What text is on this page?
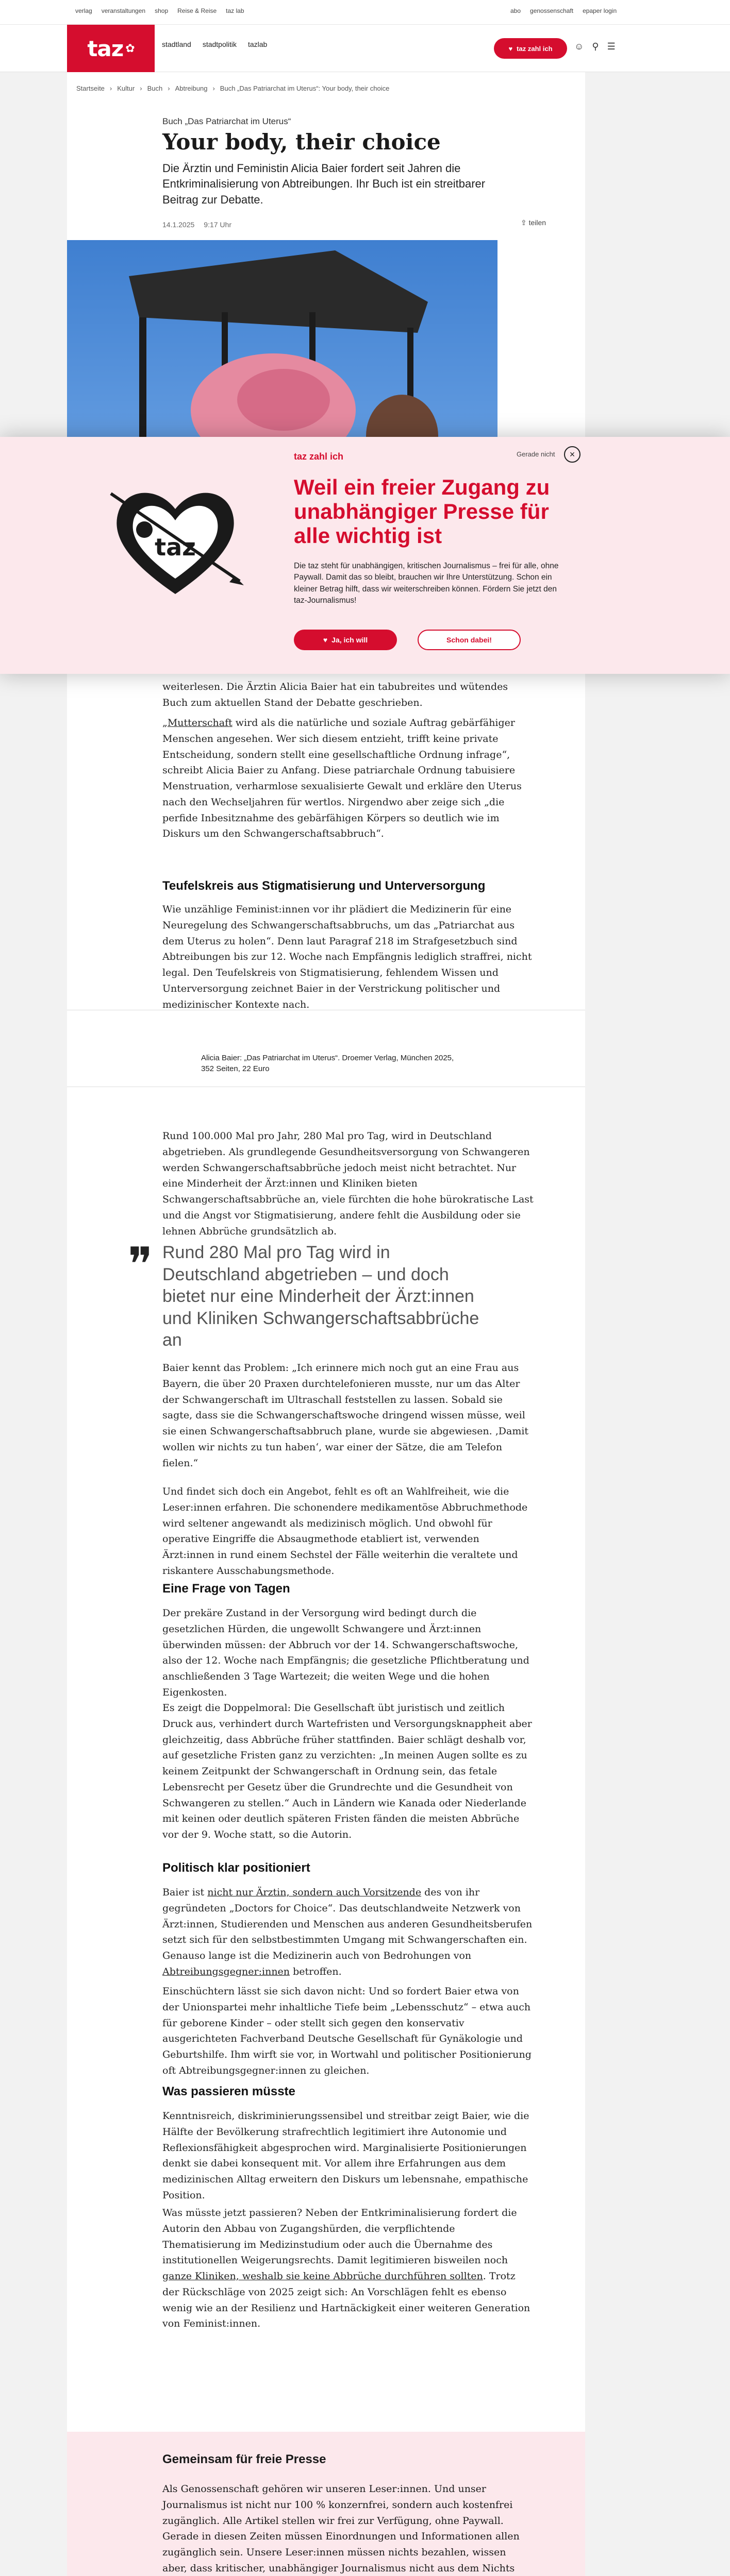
verlag veranstaltungen shop Reise & Reise taz lab	abo genossenschaft epaper login
taz ✿	stadtland stadtpolitik tazlab	♥ taz zahl ich ☺ ⚲ ☰
Startseite › Kultur › Buch › Abtreibung › Buch „Das Patriarchat im Uterus“: Your body, their choice
Buch „Das Patriarchat im Uterus“
Your body, their choice

Die Ärztin und Feministin Alicia Baier fordert seit Jahren die Entkriminalisierung von Abtreibungen. Ihr Buch ist ein streitbarer Beitrag zur Debatte.

14.1.2025 9:17 Uhr	⇪ teilen

weiterlesen. Die Ärztin Alicia Baier hat ein tabubreites und wütendes Buch zum aktuellen Stand der Debatte geschrieben.

„Mutterschaft wird als die natürliche und soziale Auftrag gebärfähiger Menschen angesehen. Wer sich diesem entzieht, trifft keine private Entscheidung, sondern stellt eine gesellschaftliche Ordnung infrage“, schreibt Alicia Baier zu Anfang. Diese patriarchale Ordnung tabuisiere Menstruation, verharmlose sexualisierte Gewalt und erkläre den Uterus nach den Wechseljahren für wertlos. Nirgendwo aber zeige sich „die perfide Inbesitznahme des gebärfähigen Körpers so deutlich wie im Diskurs um den Schwangerschaftsabbruch“.

Teufelskreis aus Stigmatisierung und Unterversorgung

Wie unzählige Feminist:innen vor ihr plädiert die Medizinerin für eine Neuregelung des Schwangerschaftsabbruchs, um das „Patriarchat aus dem Uterus zu holen“. Denn laut Paragraf 218 im Strafgesetzbuch sind Abtreibungen bis zur 12. Woche nach Empfängnis lediglich straffrei, nicht legal. Den Teufelskreis von Stigmatisierung, fehlendem Wissen und Unterversorgung zeichnet Baier in der Verstrickung politischer und medizinischer Kontexte nach.

Alicia Baier: „Das Patriarchat im Uterus“. Droemer Verlag, München 2025, 352 Seiten, 22 Euro

Rund 100.000 Mal pro Jahr, 280 Mal pro Tag, wird in Deutschland abgetrieben. Als grundlegende Gesundheitsversorgung von Schwangeren werden Schwangerschaftsabbrüche jedoch meist nicht betrachtet. Nur eine Minderheit der Ärzt:innen und Kliniken bieten Schwangerschaftsabbrüche an, viele fürchten die hohe bürokratische Last und die Angst vor Stigmatisierung, andere fehlt die Ausbildung oder sie lehnen Abbrüche grundsätzlich ab.

❞ Rund 280 Mal pro Tag wird in Deutschland abgetrieben – und doch bietet nur eine Minderheit der Ärzt:innen und Kliniken Schwangerschaftsabbrüche an

Baier kennt das Problem: „Ich erinnere mich noch gut an eine Frau aus Bayern, die über 20 Praxen durchtelefonieren musste, nur um das Alter der Schwangerschaft im Ultraschall feststellen zu lassen. Sobald sie sagte, dass sie die Schwangerschaftswoche dringend wissen müsse, weil sie einen Schwangerschaftsabbruch plane, wurde sie abgewiesen. ‚Damit wollen wir nichts zu tun haben‘, war einer der Sätze, die am Telefon fielen.“

Und findet sich doch ein Angebot, fehlt es oft an Wahlfreiheit, wie die Leser:innen erfahren. Die schonendere medikamentöse Abbruchmethode wird seltener angewandt als medizinisch möglich. Und obwohl für operative Eingriffe die Absaugmethode etabliert ist, verwenden Ärzt:innen in rund einem Sechstel der Fälle weiterhin die veraltete und riskantere Ausschabungsmethode.

Eine Frage von Tagen

Der prekäre Zustand in der Versorgung wird bedingt durch die gesetzlichen Hürden, die ungewollt Schwangere und Ärzt:innen überwinden müssen: der Abbruch vor der 14. Schwangerschaftswoche, also der 12. Woche nach Empfängnis; die gesetzliche Pflichtberatung und anschließenden 3 Tage Wartezeit; die weiten Wege und die hohen Eigenkosten.

Es zeigt die Doppelmoral: Die Gesellschaft übt juristisch und zeitlich Druck aus, verhindert durch Wartefristen und Versorgungsknappheit aber gleichzeitig, dass Abbrüche früher stattfinden. Baier schlägt deshalb vor, auf gesetzliche Fristen ganz zu verzichten: „In meinen Augen sollte es zu keinem Zeitpunkt der Schwangerschaft in Ordnung sein, das fetale Lebensrecht per Gesetz über die Grundrechte und die Gesundheit von Schwangeren zu stellen.“ Auch in Ländern wie Kanada oder Niederlande mit keinen oder deutlich späteren Fristen fänden die meisten Abbrüche vor der 9. Woche statt, so die Autorin.

Politisch klar positioniert

Baier ist nicht nur Ärztin, sondern auch Vorsitzende des von ihr gegründeten „Doctors for Choice“. Das deutschlandweite Netzwerk von Ärzt:innen, Studierenden und Menschen aus anderen Gesundheitsberufen setzt sich für den selbstbestimmten Umgang mit Schwangerschaften ein. Genauso lange ist die Medizinerin auch von Bedrohungen von Abtreibungsgegner:innen betroffen.

Einschüchtern lässt sie sich davon nicht: Und so fordert Baier etwa von der Unionspartei mehr inhaltliche Tiefe beim „Lebensschutz“ – etwa auch für geborene Kinder – oder stellt sich gegen den konservativ ausgerichteten Fachverband Deutsche Gesellschaft für Gynäkologie und Geburtshilfe. Ihm wirft sie vor, in Wortwahl und politischer Positionierung oft Abtreibungsgegner:innen zu gleichen.

Was passieren müsste

Kenntnisreich, diskriminierungssensibel und streitbar zeigt Baier, wie die Hälfte der Bevölkerung strafrechtlich legitimiert ihre Autonomie und Reflexionsfähigkeit abgesprochen wird. Marginalisierte Positionierungen denkt sie dabei konsequent mit. Vor allem ihre Erfahrungen aus dem medizinischen Alltag erweitern den Diskurs um lebensnahe, empathische Position.

Was müsste jetzt passieren? Neben der Entkriminalisierung fordert die Autorin den Abbau von Zugangshürden, die verpflichtende Thematisierung im Medizinstudium oder auch die Übernahme des institutionellen Weigerungsrechts. Damit legitimieren bisweilen noch ganze Kliniken, weshalb sie keine Abbrüche durchführen sollten. Trotz der Rückschläge von 2025 zeigt sich: An Vorschlägen fehlt es ebenso wenig wie an der Resilienz und Hartnäckigkeit einer weiteren Generation von Feminist:innen.

Gemeinsam für freie Presse

Als Genossenschaft gehören wir unseren Leser:innen. Und unser Journalismus ist nicht nur 100 % konzernfrei, sondern auch kostenfrei zugänglich. Alle Artikel stellen wir frei zur Verfügung, ohne Paywall. Gerade in diesen Zeiten müssen Einordnungen und Informationen allen zugänglich sein. Unsere Leser:innen müssen nichts bezahlen, wissen aber, dass kritischer, unabhängiger Journalismus nicht aus dem Nichts

taz
taz zahl ich
Weil ein freier Zugang zu unabhängiger Presse für alle wichtig ist

Die taz steht für unabhängigen, kritischen Journalismus – frei für alle, ohne Paywall. Damit das so bleibt, brauchen wir Ihre Unterstützung. Schon ein kleiner Betrag hilft, dass wir weiterschreiben können. Fördern Sie jetzt den taz-Journalismus!

♥ Ja, ich will	Schon dabei!
Gerade nicht	×
